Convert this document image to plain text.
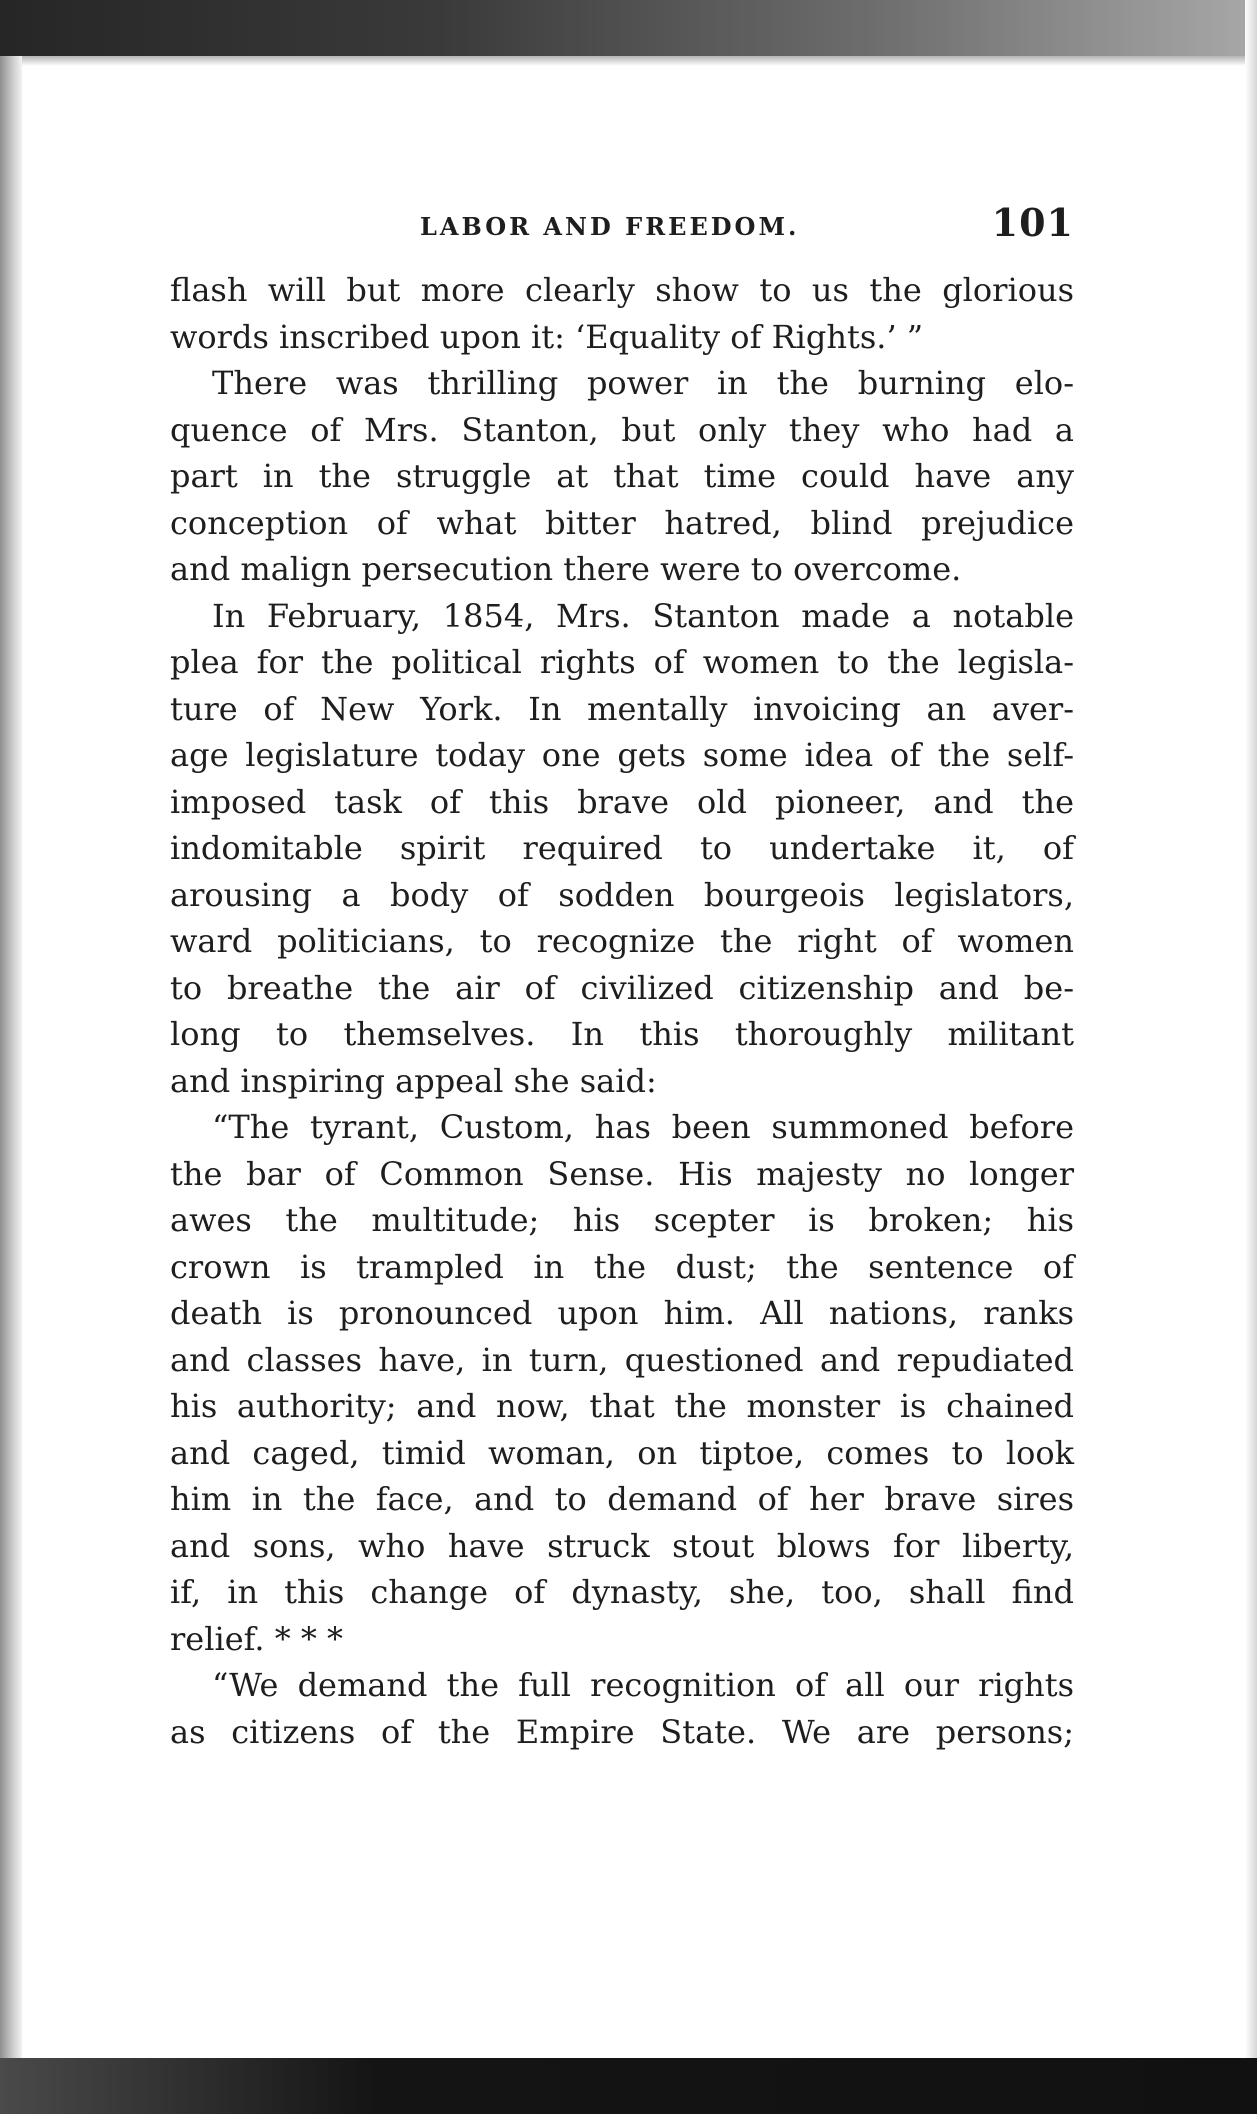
LABOR AND FREEDOM.	101
flash will but more clearly show to us the glorious
words inscribed upon it: ‘Equality of Rights.’ ”
There was thrilling power in the burning elo-
quence of Mrs. Stanton, but only they who had a
part in the struggle at that time could have any
conception of what bitter hatred, blind prejudice
and malign persecution there were to overcome.
In February, 1854, Mrs. Stanton made a notable
plea for the political rights of women to the legisla-
ture of New York. In mentally invoicing an aver-
age legislature today one gets some idea of the self-
imposed task of this brave old pioneer, and the
indomitable spirit required to undertake it, of
arousing a body of sodden bourgeois legislators,
ward politicians, to recognize the right of women
to breathe the air of civilized citizenship and be-
long to themselves. In this thoroughly militant
and inspiring appeal she said:
“The tyrant, Custom, has been summoned before
the bar of Common Sense. His majesty no longer
awes the multitude; his scepter is broken; his
crown is trampled in the dust; the sentence of
death is pronounced upon him. All nations, ranks
and classes have, in turn, questioned and repudiated
his authority; and now, that the monster is chained
and caged, timid woman, on tiptoe, comes to look
him in the face, and to demand of her brave sires
and sons, who have struck stout blows for liberty,
if, in this change of dynasty, she, too, shall find
relief. * * *
“We demand the full recognition of all our rights
as citizens of the Empire State. We are persons;
